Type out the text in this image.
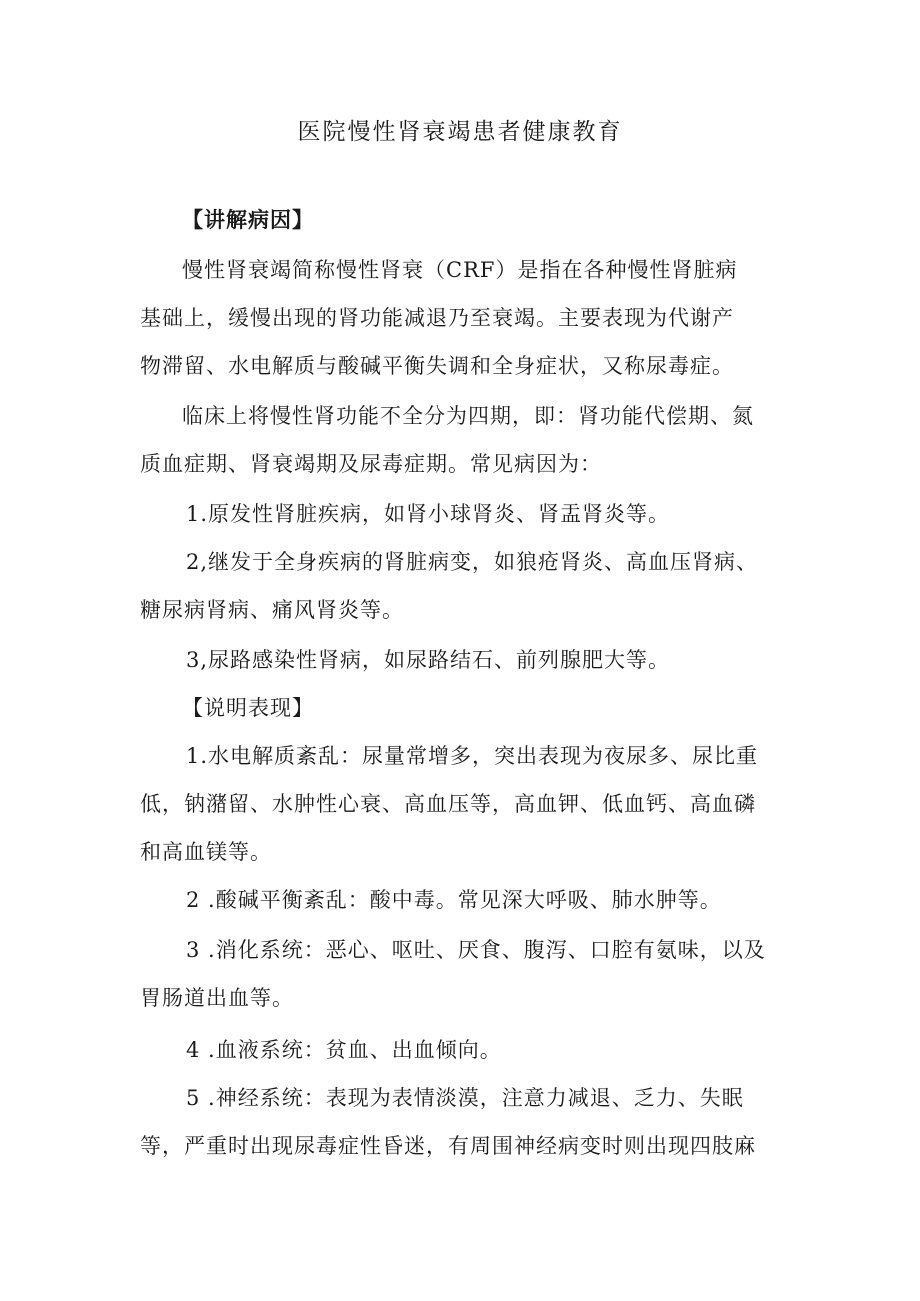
医院慢性肾衰竭患者健康教育
【讲解病因】
慢性肾衰竭简称慢性肾衰（CRF）是指在各种慢性肾脏病
基础上，缓慢出现的肾功能减退乃至衰竭。主要表现为代谢产
物滞留、水电解质与酸碱平衡失调和全身症状，又称尿毒症。
临床上将慢性肾功能不全分为四期，即：肾功能代偿期、氮
质血症期、肾衰竭期及尿毒症期。常见病因为：
1.原发性肾脏疾病，如肾小球肾炎、肾盂肾炎等。
2,继发于全身疾病的肾脏病变，如狼疮肾炎、高血压肾病、
糖尿病肾病、痛风肾炎等。
3,尿路感染性肾病，如尿路结石、前列腺肥大等。
【说明表现】
1.水电解质紊乱：尿量常增多，突出表现为夜尿多、尿比重
低，钠潴留、水肿性心衰、高血压等，高血钾、低血钙、高血磷
和高血镁等。
2 .酸碱平衡紊乱：酸中毒。常见深大呼吸、肺水肿等。
3 .消化系统：恶心、呕吐、厌食、腹泻、口腔有氨味，以及
胃肠道出血等。
4 .血液系统：贫血、出血倾向。
5 .神经系统：表现为表情淡漠，注意力减退、乏力、失眠
等，严重时出现尿毒症性昏迷，有周围神经病变时则出现四肢麻
